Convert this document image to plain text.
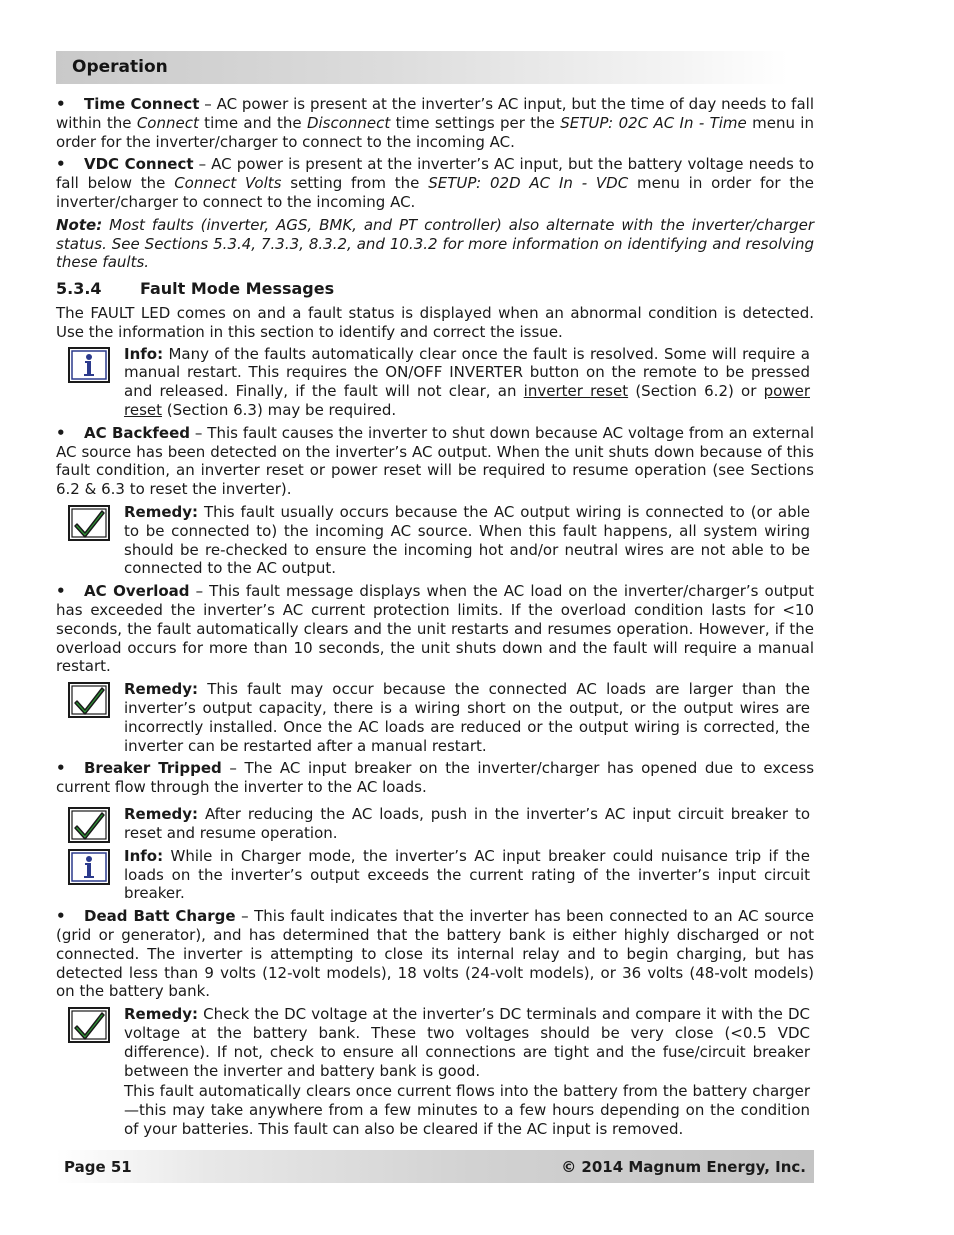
Operation

• Time Connect – AC power is present at the inverter’s AC input, but the time of day needs to fall within the Connect time and the Disconnect time settings per the SETUP: 02C AC In - Time menu in order for the inverter/charger to connect to the incoming AC.

• VDC Connect – AC power is present at the inverter’s AC input, but the battery voltage needs to fall below the Connect Volts setting from the SETUP: 02D AC In - VDC menu in order for the inverter/charger to connect to the incoming AC.

Note: Most faults (inverter, AGS, BMK, and PT controller) also alternate with the inverter/charger status. See Sections 5.3.4, 7.3.3, 8.3.2, and 10.3.2 for more information on identifying and resolving these faults.

5.3.4 Fault Mode Messages

The FAULT LED comes on and a fault status is displayed when an abnormal condition is detected. Use the information in this section to identify and correct the issue.

Info: Many of the faults automatically clear once the fault is resolved. Some will require a manual restart. This requires the ON/OFF INVERTER button on the remote to be pressed and released. Finally, if the fault will not clear, an inverter reset (Section 6.2) or power reset (Section 6.3) may be required.

• AC Backfeed – This fault causes the inverter to shut down because AC voltage from an external AC source has been detected on the inverter’s AC output. When the unit shuts down because of this fault condition, an inverter reset or power reset will be required to resume operation (see Sections 6.2 & 6.3 to reset the inverter).

Remedy: This fault usually occurs because the AC output wiring is connected to (or able to be connected to) the incoming AC source. When this fault happens, all system wiring should be re-checked to ensure the incoming hot and/or neutral wires are not able to be connected to the AC output.

• AC Overload – This fault message displays when the AC load on the inverter/charger’s output has exceeded the inverter’s AC current protection limits. If the overload condition lasts for <10 seconds, the fault automatically clears and the unit restarts and resumes operation. However, if the overload occurs for more than 10 seconds, the unit shuts down and the fault will require a manual restart.

Remedy: This fault may occur because the connected AC loads are larger than the inverter’s output capacity, there is a wiring short on the output, or the output wires are incorrectly installed. Once the AC loads are reduced or the output wiring is corrected, the inverter can be restarted after a manual restart.

• Breaker Tripped – The AC input breaker on the inverter/charger has opened due to excess current flow through the inverter to the AC loads.

Remedy: After reducing the AC loads, push in the inverter’s AC input circuit breaker to reset and resume operation.

Info: While in Charger mode, the inverter’s AC input breaker could nuisance trip if the loads on the inverter’s output exceeds the current rating of the inverter’s input circuit breaker.

• Dead Batt Charge – This fault indicates that the inverter has been connected to an AC source (grid or generator), and has determined that the battery bank is either highly discharged or not connected. The inverter is attempting to close its internal relay and to begin charging, but has detected less than 9 volts (12-volt models), 18 volts (24-volt models), or 36 volts (48-volt models) on the battery bank.

Remedy: Check the DC voltage at the inverter’s DC terminals and compare it with the DC voltage at the battery bank. These two voltages should be very close (<0.5 VDC difference). If not, check to ensure all connections are tight and the fuse/circuit breaker between the inverter and battery bank is good.

This fault automatically clears once current flows into the battery from the battery charger—this may take anywhere from a few minutes to a few hours depending on the condition of your batteries. This fault can also be cleared if the AC input is removed.

Page 51	© 2014 Magnum Energy, Inc.
